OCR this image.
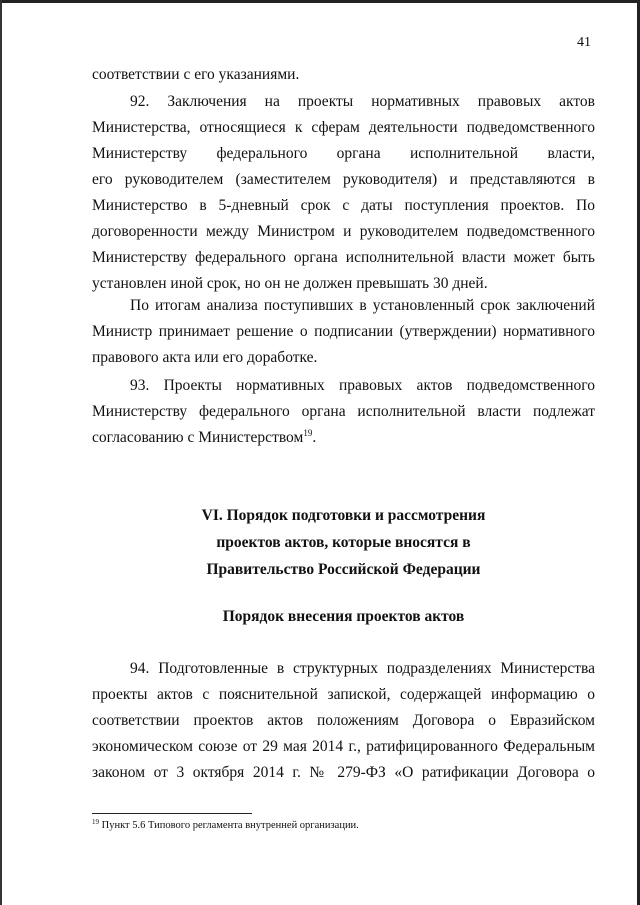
41
соответствии с его указаниями.
92. Заключения на проекты нормативных правовых актов
Министерства, относящиеся к сферам деятельности подведомственного
Министерству федерального органа исполнительной власти,
его руководителем (заместителем руководителя) и представляются в
Министерство в 5-дневный срок с даты поступления проектов. По
договоренности между Министром и руководителем подведомственного
Министерству федерального органа исполнительной власти может быть
установлен иной срок, но он не должен превышать 30 дней.
По итогам анализа поступивших в установленный срок заключений
Министр принимает решение о подписании (утверждении) нормативного
правового акта или его доработке.
93. Проекты нормативных правовых актов подведомственного
Министерству федерального органа исполнительной власти подлежат
согласованию с Министерством$^{19}$.
VI. Порядок подготовки и рассмотрения
проектов актов, которые вносятся в
Правительство Российской Федерации
Порядок внесения проектов актов
94. Подготовленные в структурных подразделениях Министерства
проекты актов с пояснительной запиской, содержащей информацию о
соответствии проектов актов положениям Договора о Евразийском
экономическом союзе от 29 мая 2014 г., ратифицированного Федеральным
законом от 3 октября 2014 г. № 279-ФЗ «О ратификации Договора о
$^{19}$ Пункт 5.6 Типового регламента внутренней организации.
